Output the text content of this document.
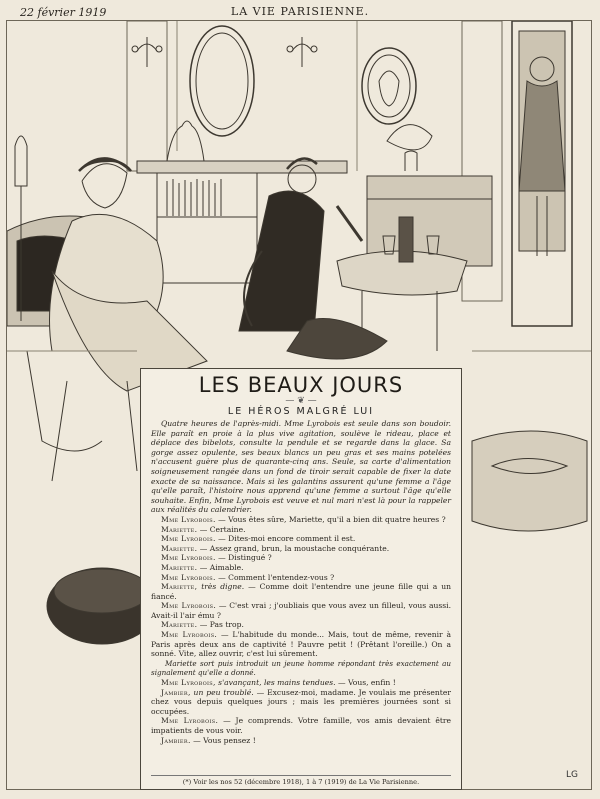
22 février 1919	LA VIE PARISIENNE.
LES BEAUX JOURS
— ❦ —
LE HÉROS MALGRÉ LUI

Quatre heures de l'après-midi. Mme Lyrobois est seule dans son boudoir. Elle paraît en proie à la plus vive agitation, soulève le rideau, place et déplace des bibelots, consulte la pendule et se regarde dans la glace. Sa gorge assez opulente, ses beaux blancs un peu gras et ses mains potelées n'accusent guère plus de quarante-cinq ans. Seule, sa carte d'alimentation soigneusement rangée dans un fond de tiroir serait capable de fixer la date exacte de sa naissance. Mais si les galantins assurent qu'une femme a l'âge qu'elle paraît, l'histoire nous apprend qu'une femme a surtout l'âge qu'elle souhaite. Enfin, Mme Lyrobois est veuve et nul mari n'est là pour la rappeler aux réalités du calendrier.

Mme Lyrobois. — Vous êtes sûre, Mariette, qu'il a bien dit quatre heures ?

Mariette. — Certaine.

Mme Lyrobois. — Dites-moi encore comment il est.

Mariette. — Assez grand, brun, la moustache conquérante.

Mme Lyrobois. — Distingué ?

Mariette. — Aimable.

Mme Lyrobois. — Comment l'entendez-vous ?

Mariette, très digne. — Comme doit l'entendre une jeune fille qui a un fiancé.

Mme Lyrobois. — C'est vrai ; j'oubliais que vous avez un filleul, vous aussi. Avait-il l'air ému ?

Mariette. — Pas trop.

Mme Lyrobois. — L'habitude du monde... Mais, tout de même, revenir à Paris après deux ans de captivité ! Pauvre petit ! (Prêtant l'oreille.) On a sonné. Vite, allez ouvrir, c'est lui sûrement.

Mariette sort puis introduit un jeune homme répondant très exactement au signalement qu'elle a donné.

Mme Lyrobois, s'avançant, les mains tendues. — Vous, enfin !

Jambier, un peu troublé. — Excusez-moi, madame. Je voulais me présenter chez vous depuis quelques jours ; mais les premières journées sont si occupées.

Mme Lyrobois. — Je comprends. Votre famille, vos amis devaient être impatients de vous voir.

Jambier. — Vous pensez !

(*) Voir les nos 52 (décembre 1918), 1 à 7 (1919) de La Vie Parisienne.
LG
